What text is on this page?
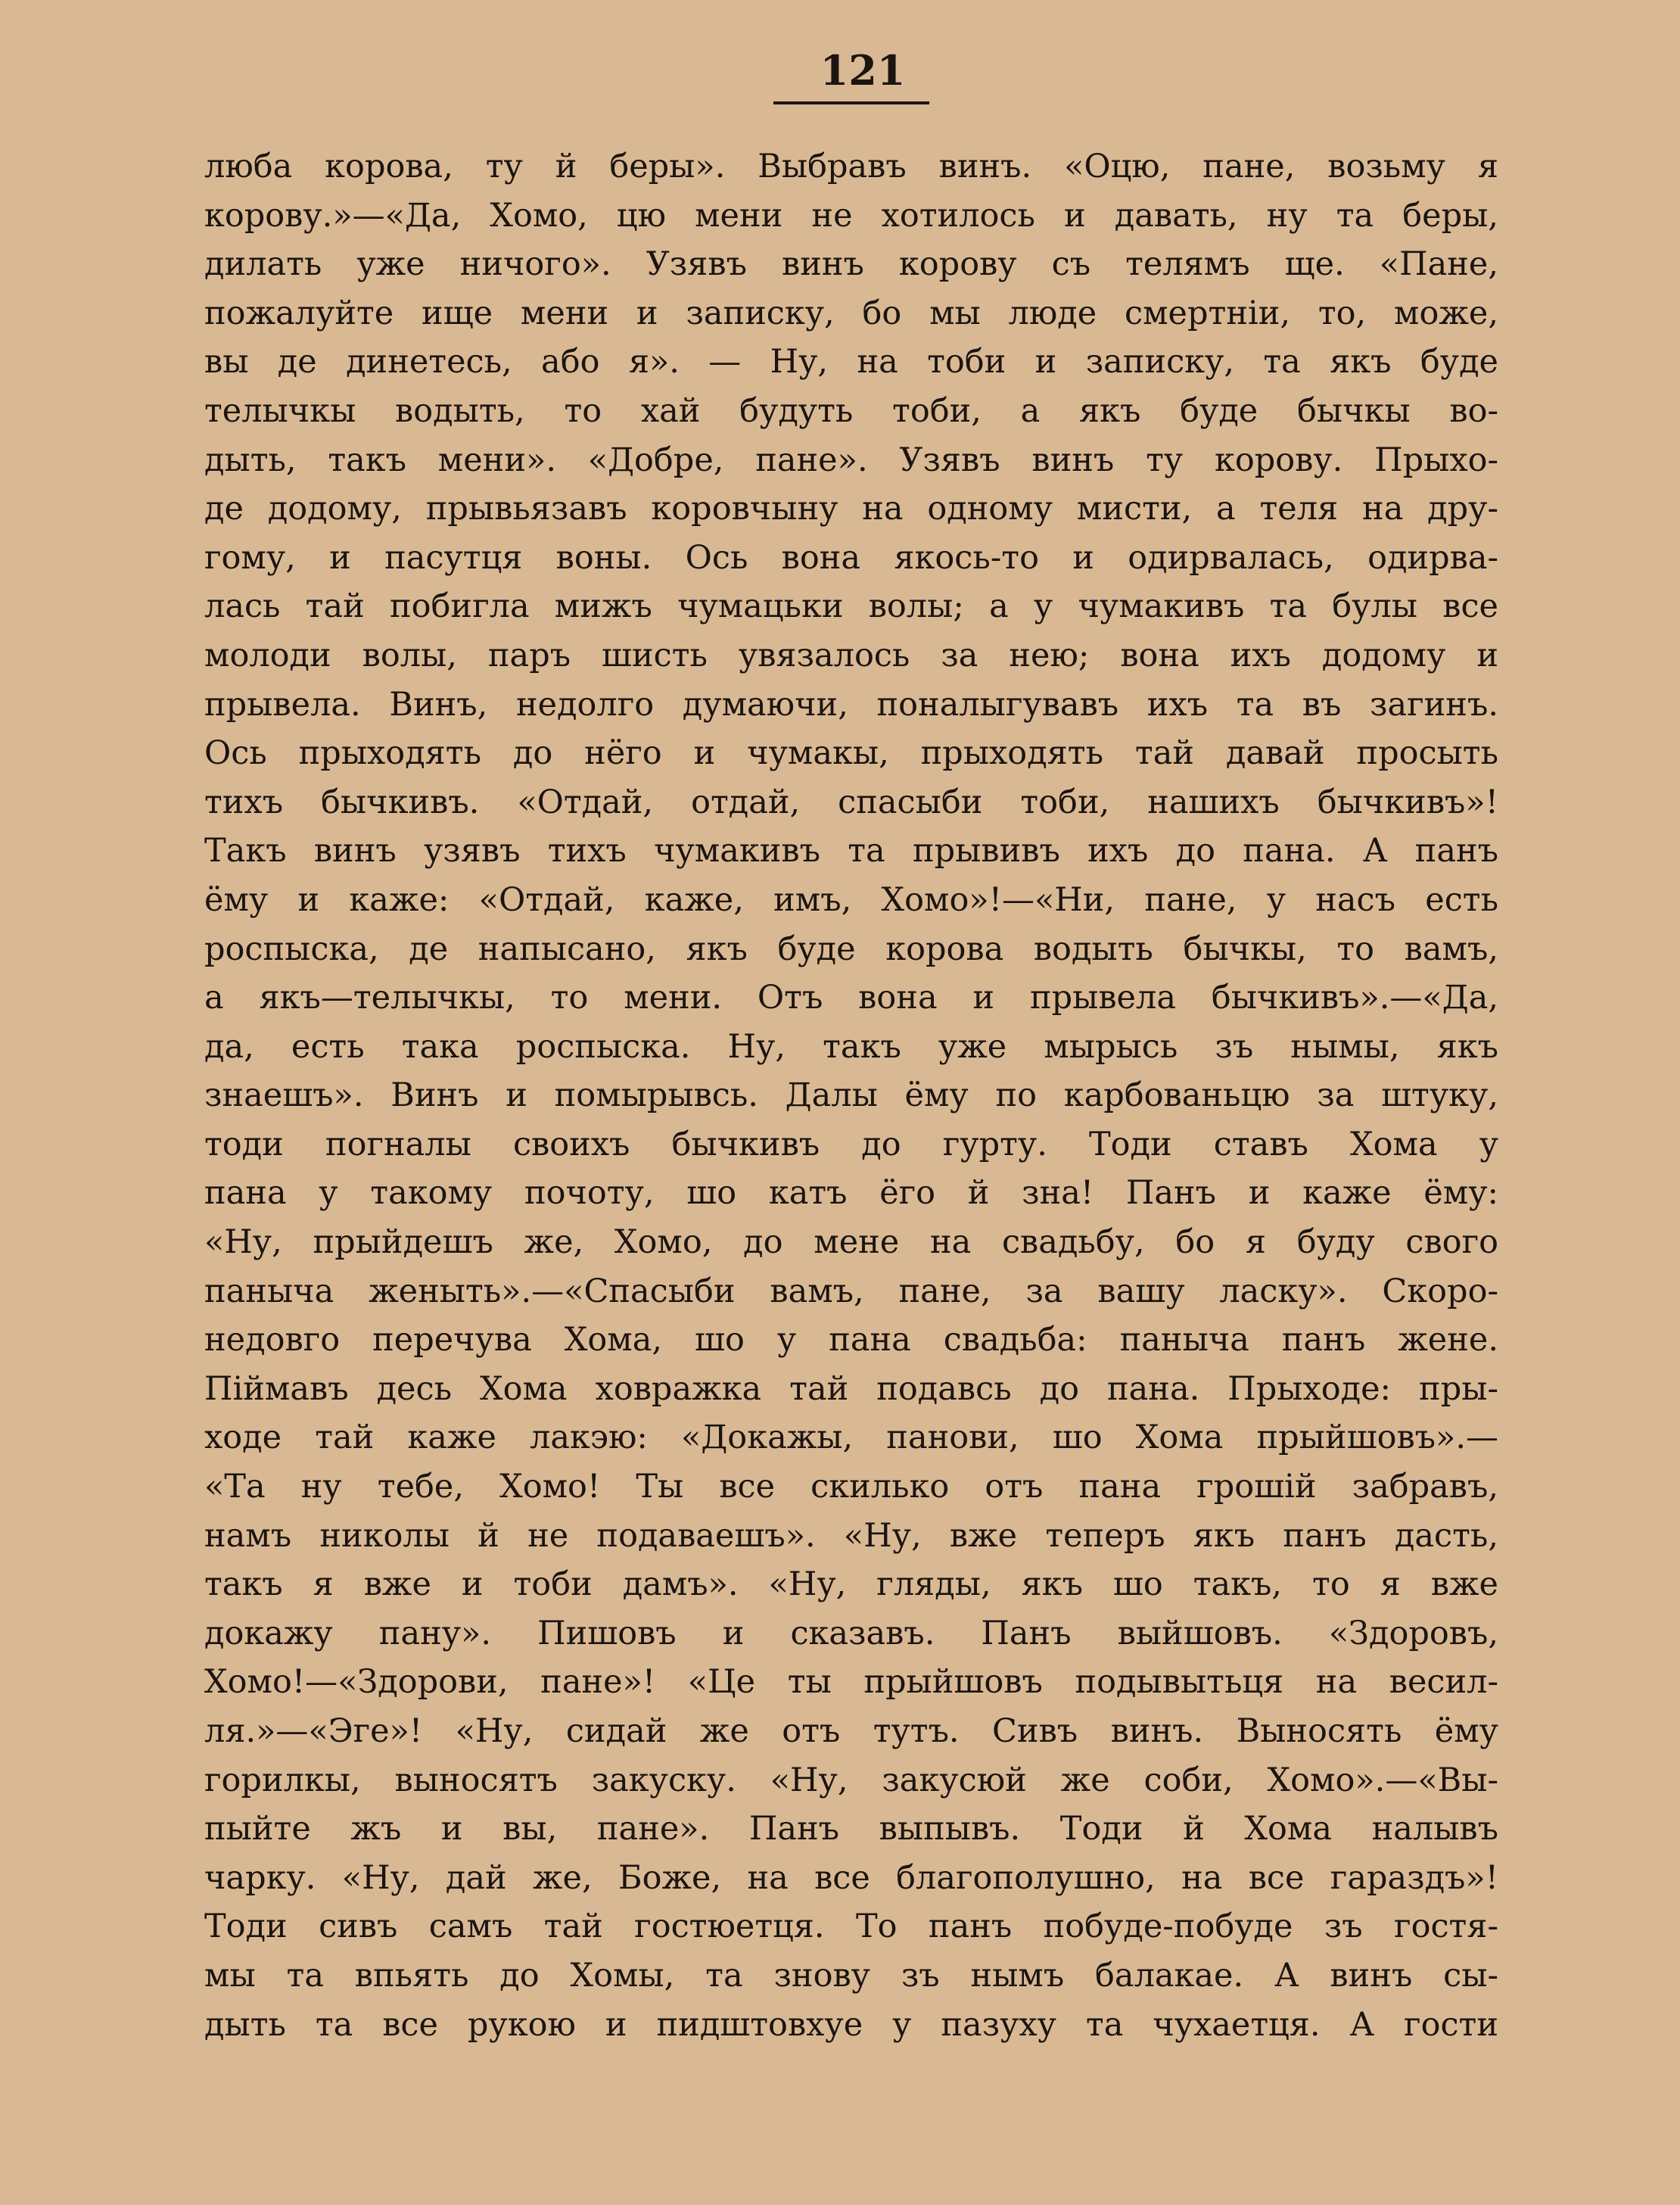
121
люба корова, ту й беры». Выбравъ винъ. «Оцю, пане, возьму я
корову.»—«Да, Хомо, цю мени не хотилось и давать, ну та беры,
дилать уже ничого». Узявъ винъ корову съ телямъ ще. «Пане,
пожалуйте ище мени и записку, бо мы люде смертніи, то, може,
вы де динетесь, або я». — Ну, на тоби и записку, та якъ буде
телычкы водыть, то хай будуть тоби, а якъ буде бычкы во-
дыть, такъ мени». «Добре, пане». Узявъ винъ ту корову. Прыхо-
де додому, прывьязавъ коровчыну на одному мисти, а теля на дру-
гому, и пасутця воны. Ось вона якось-то и одирвалась, одирва-
лась тай побигла мижъ чумацьки волы; а у чумакивъ та булы все
молоди волы, паръ шисть увязалось за нею; вона ихъ додому и
прывела. Винъ, недолго думаючи, поналыгувавъ ихъ та въ загинъ.
Ось прыходять до нёго и чумакы, прыходять тай давай просыть
тихъ бычкивъ. «Отдай, отдай, спасыби тоби, нашихъ бычкивъ»!
Такъ винъ узявъ тихъ чумакивъ та прывивъ ихъ до пана. А панъ
ёму и каже: «Отдай, каже, имъ, Хомо»!—«Ни, пане, у насъ есть
роспыска, де напысано, якъ буде корова водыть бычкы, то вамъ,
а якъ—телычкы, то мени. Отъ вона и прывела бычкивъ».—«Да,
да, есть така роспыска. Ну, такъ уже мырысь зъ нымы, якъ
знаешъ». Винъ и помырывсь. Далы ёму по карбованьцю за штуку,
тоди погналы своихъ бычкивъ до гурту. Тоди ставъ Хома у
пана у такому почоту, шо катъ ёго й зна! Панъ и каже ёму:
«Ну, прыйдешъ же, Хомо, до мене на свадьбу, бо я буду свого
паныча женыть».—«Спасыби вамъ, пане, за вашу ласку». Скоро-
недовго перечува Хома, шо у пана свадьба: паныча панъ жене.
Піймавъ десь Хома ховражка тай подавсь до пана. Прыходе: пры-
ходе тай каже лакэю: «Докажы, панови, шо Хома прыйшовъ».—
«Та ну тебе, Хомо! Ты все скилько отъ пана грошій забравъ,
намъ николы й не подаваешъ». «Ну, вже теперъ якъ панъ дасть,
такъ я вже и тоби дамъ». «Ну, гляды, якъ шо такъ, то я вже
докажу пану». Пишовъ и сказавъ. Панъ выйшовъ. «Здоровъ,
Хомо!—«Здорови, пане»! «Це ты прыйшовъ подывытьця на весил-
ля.»—«Эге»! «Ну, сидай же отъ тутъ. Сивъ винъ. Выносять ёму
горилкы, выносятъ закуску. «Ну, закусюй же соби, Хомо».—«Вы-
пыйте жъ и вы, пане». Панъ выпывъ. Тоди й Хома налывъ
чарку. «Ну, дай же, Боже, на все благополушно, на все гараздъ»!
Тоди сивъ самъ тай гостюетця. То панъ побуде-побуде зъ гостя-
мы та впьять до Хомы, та знову зъ нымъ балакае. А винъ сы-
дыть та все рукою и пидштовхуе у пазуху та чухаетця. А гости
